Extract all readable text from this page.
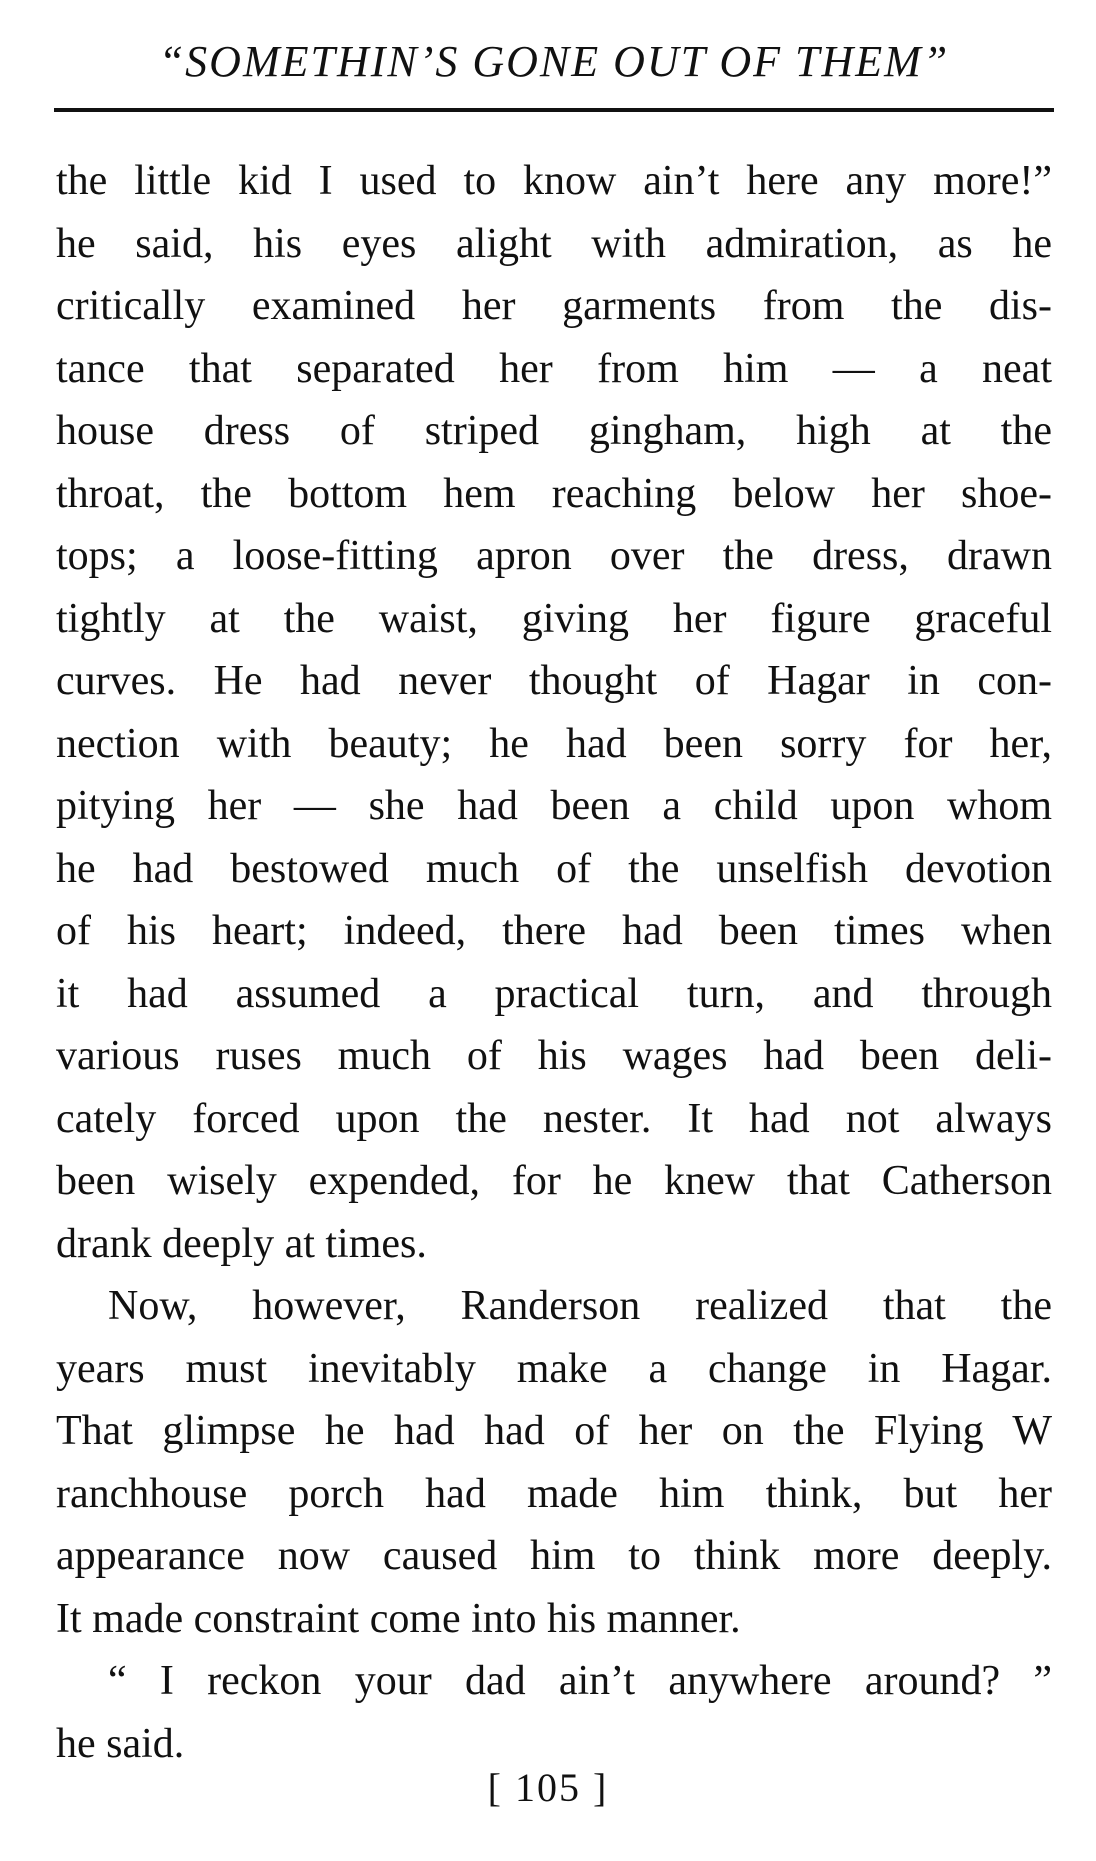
“SOMETHIN’S GONE OUT OF THEM”
the little kid I used to know ain’t here any more!”
he said, his eyes alight with admiration, as he
critically examined her garments from the dis-
tance that separated her from him — a neat
house dress of striped gingham, high at the
throat, the bottom hem reaching below her shoe-
tops; a loose-fitting apron over the dress, drawn
tightly at the waist, giving her figure graceful
curves. He had never thought of Hagar in con-
nection with beauty; he had been sorry for her,
pitying her — she had been a child upon whom
he had bestowed much of the unselfish devotion
of his heart; indeed, there had been times when
it had assumed a practical turn, and through
various ruses much of his wages had been deli-
cately forced upon the nester. It had not always
been wisely expended, for he knew that Catherson
drank deeply at times.
Now, however, Randerson realized that the
years must inevitably make a change in Hagar.
That glimpse he had had of her on the Flying W
ranchhouse porch had made him think, but her
appearance now caused him to think more deeply.
It made constraint come into his manner.
“ I reckon your dad ain’t anywhere around? ”
he said.
[ 105 ]
